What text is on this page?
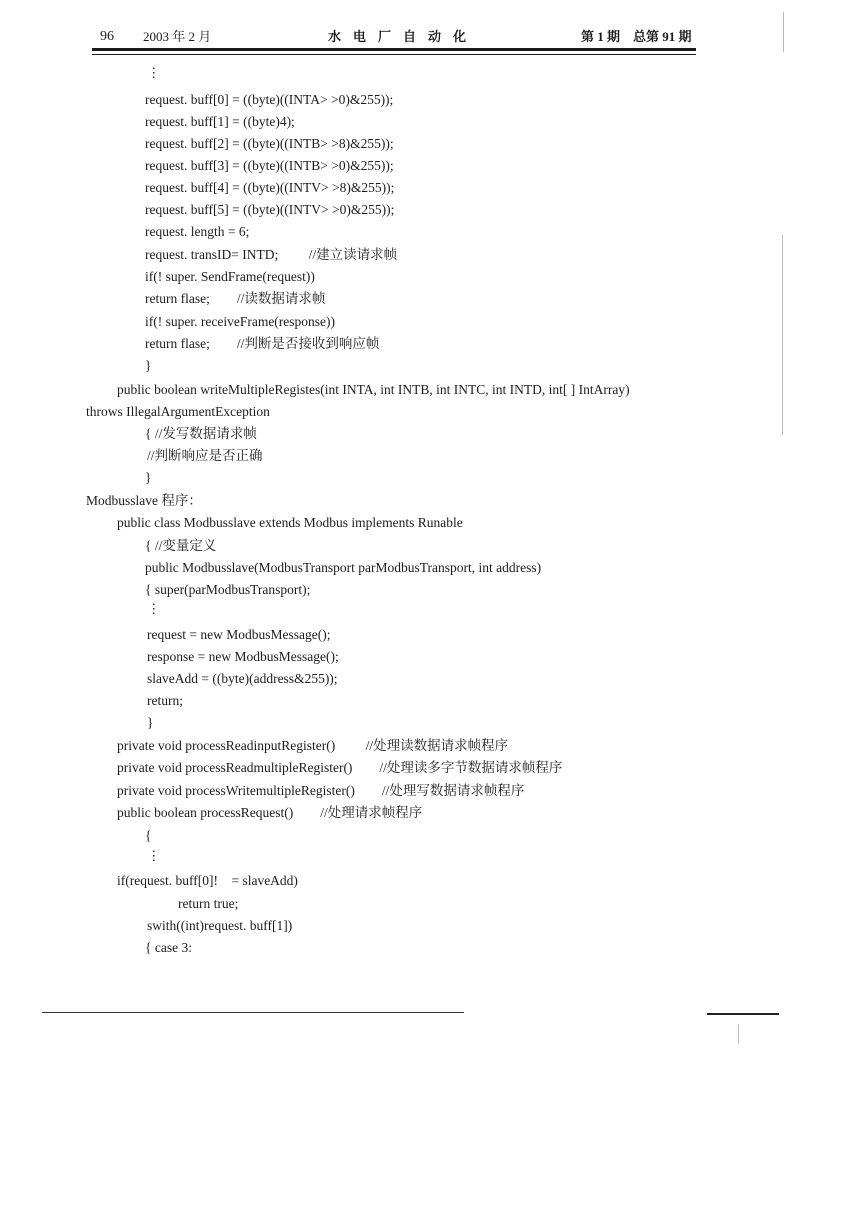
96 2003 年 2 月	水电厂自动化	第 1 期　总第 91 期
⋮
request. buff[0] = ((byte)((INTA> >0)&255));
request. buff[1] = ((byte)4);
request. buff[2] = ((byte)((INTB> >8)&255));
request. buff[3] = ((byte)((INTB> >0)&255));
request. buff[4] = ((byte)((INTV> >8)&255));
request. buff[5] = ((byte)((INTV> >0)&255));
request. length = 6;
request. transID= INTD;　　 //建立读请求帧
if(! super. SendFrame(request))
return flase;　　//读数据请求帧
if(! super. receiveFrame(response))
return flase;　　//判断是否接收到响应帧
}
public boolean writeMultipleRegistes(int INTA, int INTB, int INTC, int INTD, int[ ] IntArray)
throws IllegalArgumentException
{ //发写数据请求帧
//判断响应是否正确
}
Modbusslave 程序：
public class Modbusslave extends Modbus implements Runable
{ //变量定义
public Modbusslave(ModbusTransport parModbusTransport, int address)
{ super(parModbusTransport);
⋮
request = new ModbusMessage();
response = new ModbusMessage();
slaveAdd = ((byte)(address&255));
return;
}
private void processReadinputRegister()　　 //处理读数据请求帧程序
private void processReadmultipleRegister()　　//处理读多字节数据请求帧程序
private void processWritemultipleRegister()　　//处理写数据请求帧程序
public boolean processRequest()　　//处理请求帧程序
{
⋮
if(request. buff[0]!　= slaveAdd)
return true;
swith((int)request. buff[1])
{ case 3:
